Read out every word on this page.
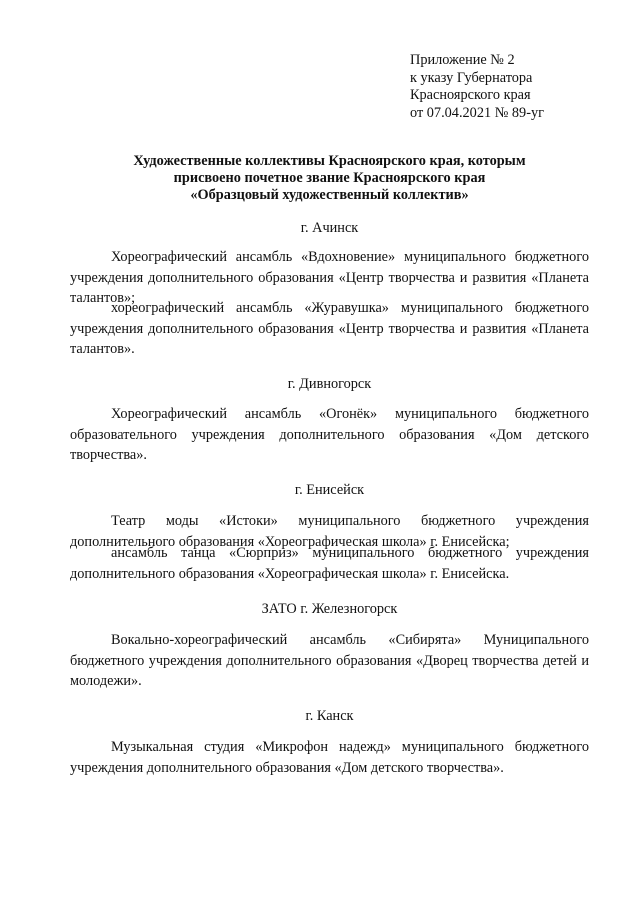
Приложение № 2
к указу Губернатора
Красноярского края
от 07.04.2021 № 89-уг
Художественные коллективы Красноярского края, которым
присвоено почетное звание Красноярского края
«Образцовый художественный коллектив»
г. Ачинск

Хореографический ансамбль «Вдохновение» муниципального бюджетного учреждения дополнительного образования «Центр творчества и развития «Планета талантов»;

хореографический ансамбль «Журавушка» муниципального бюджетного учреждения дополнительного образования «Центр творчества и развития «Планета талантов».

г. Дивногорск

Хореографический ансамбль «Огонёк» муниципального бюджетного образовательного учреждения дополнительного образования «Дом детского творчества».

г. Енисейск

Театр моды «Истоки» муниципального бюджетного учреждения дополнительного образования «Хореографическая школа» г. Енисейска;

ансамбль танца «Сюрприз» муниципального бюджетного учреждения дополнительного образования «Хореографическая школа» г. Енисейска.

ЗАТО г. Железногорск

Вокально-хореографический ансамбль «Сибирята» Муниципального бюджетного учреждения дополнительного образования «Дворец творчества детей и молодежи».

г. Канск

Музыкальная студия «Микрофон надежд» муниципального бюджетного учреждения дополнительного образования «Дом детского творчества».
